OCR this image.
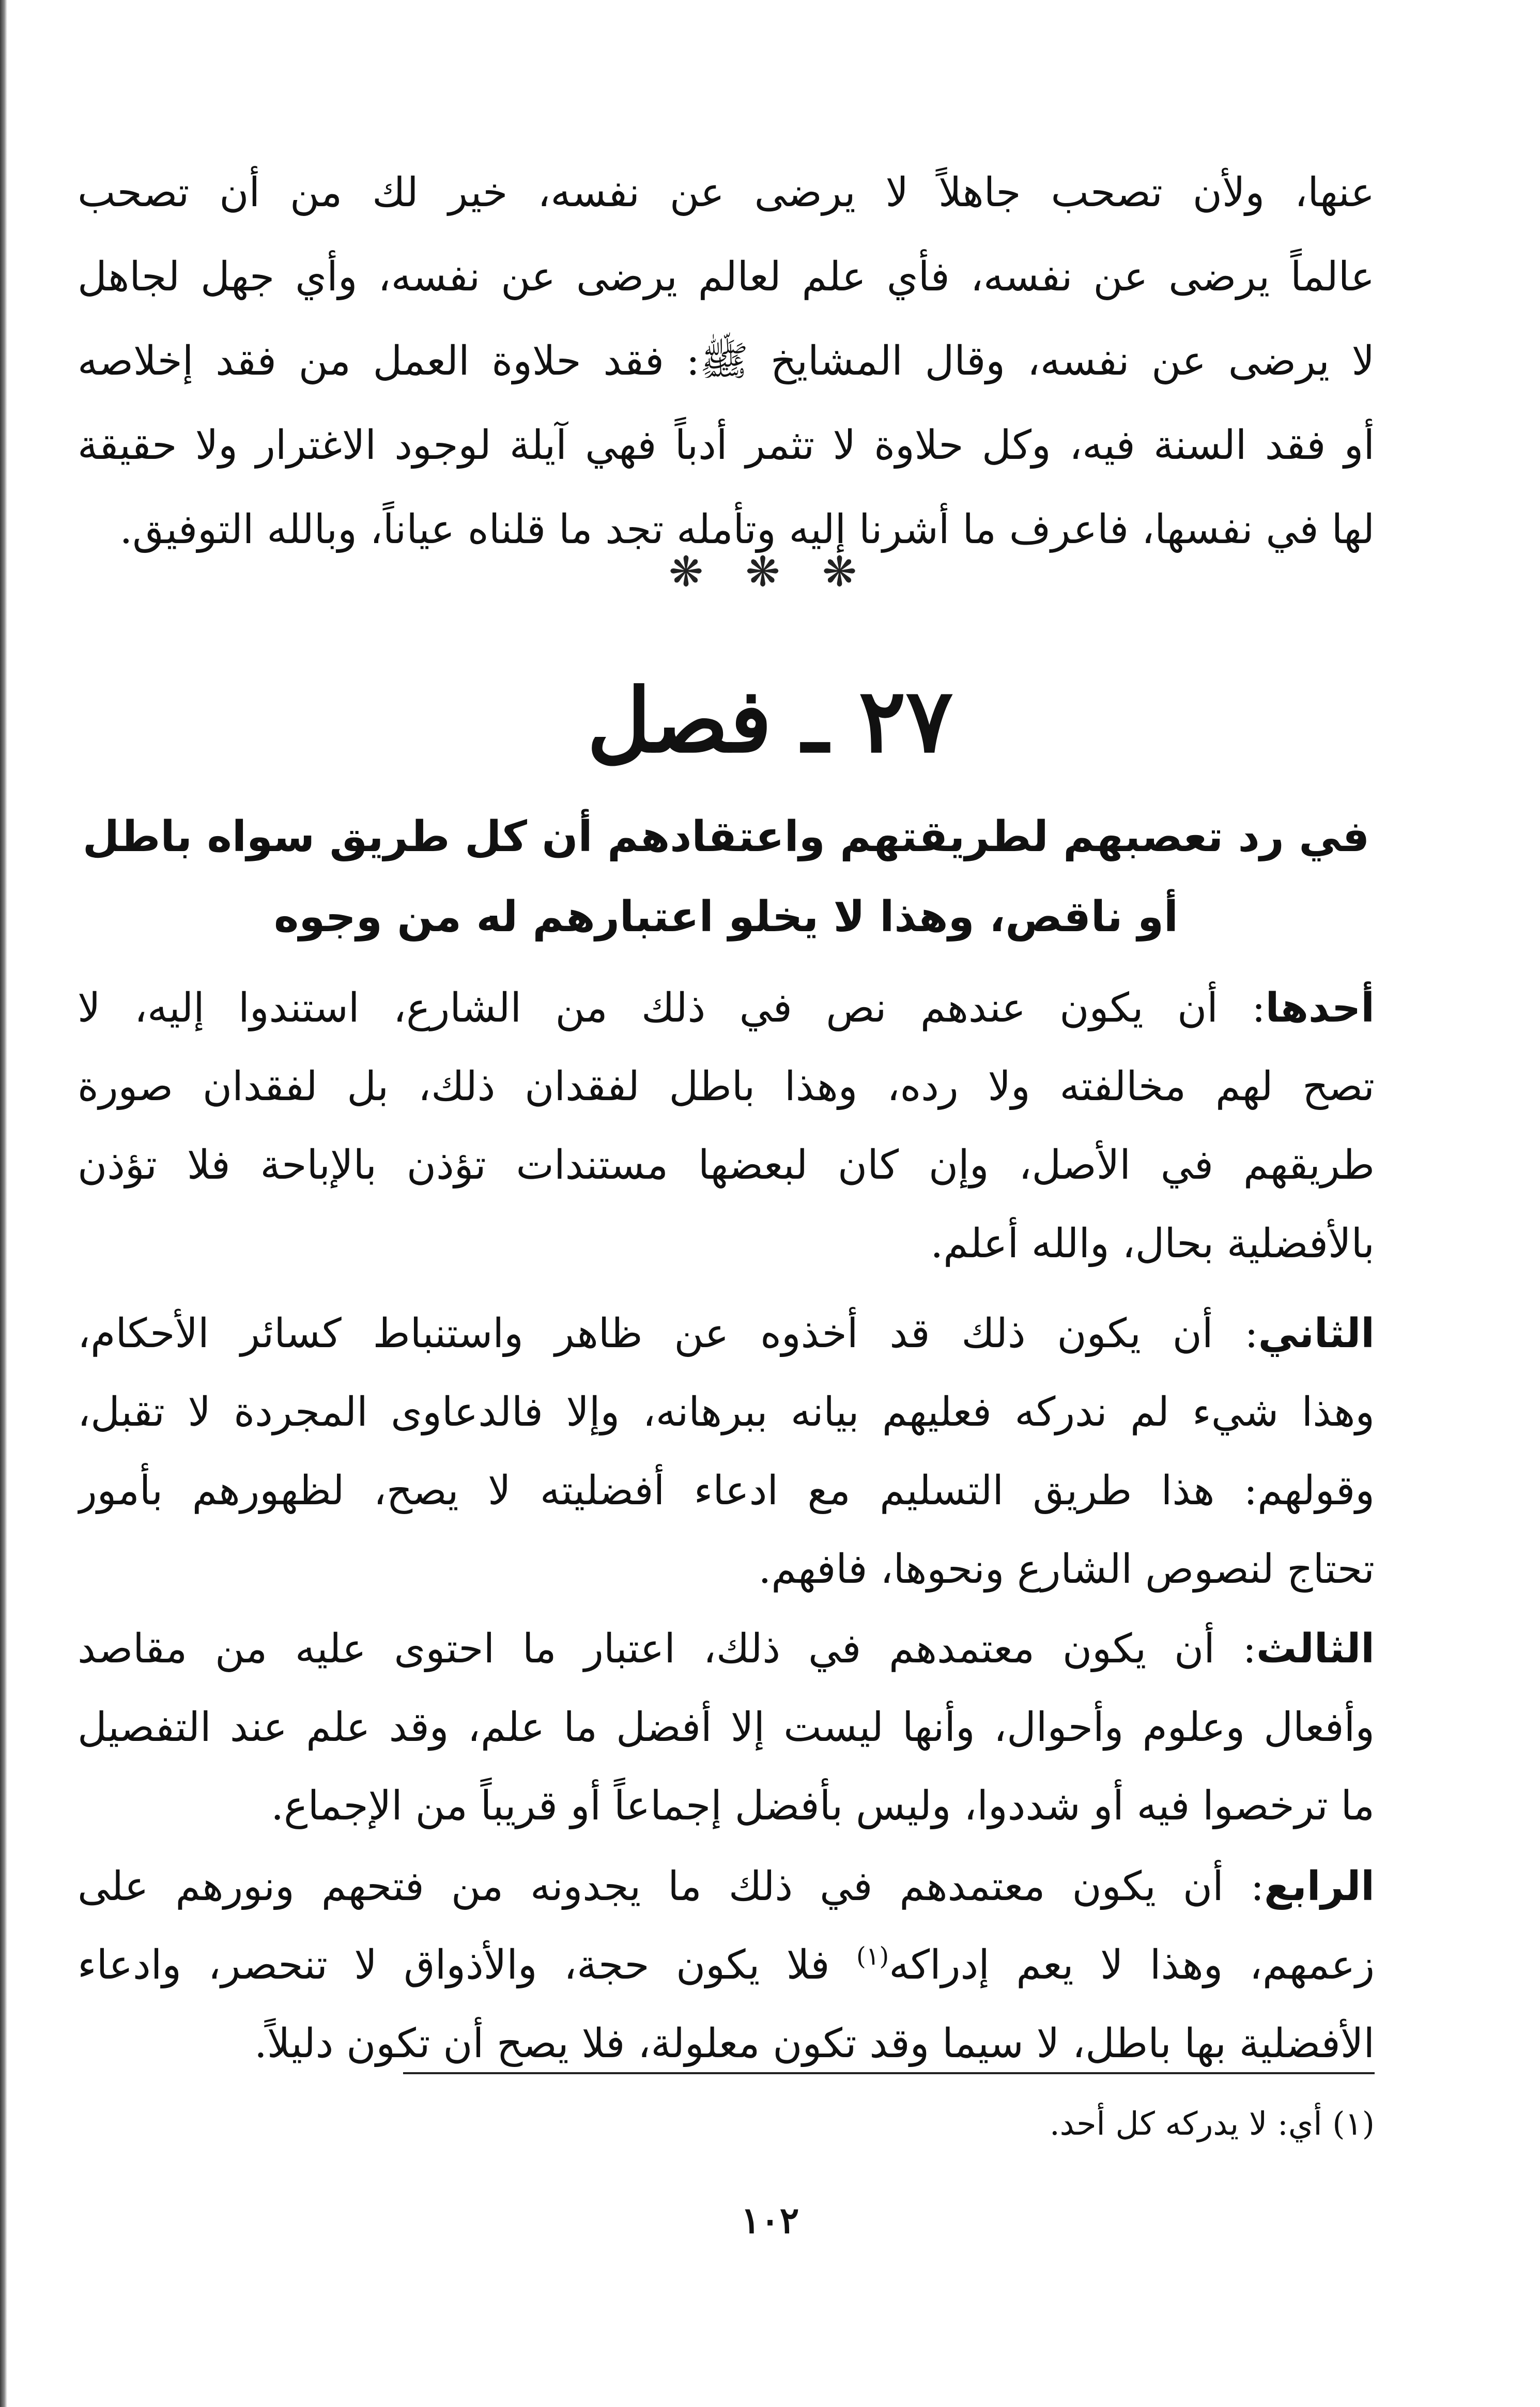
عنها، ولأن تصحب جاهلاً لا يرضى عن نفسه، خير لك من أن تصحب
عالماً يرضى عن نفسه، فأي علم لعالم يرضى عن نفسه، وأي جهل لجاهل
لا يرضى عن نفسه، وقال المشايخ ﷺ: فقد حلاوة العمل من فقد إخلاصه
أو فقد السنة فيه، وكل حلاوة لا تثمر أدباً فهي آيلة لوجود الاغترار ولا حقيقة
لها في نفسها، فاعرف ما أشرنا إليه وتأمله تجد ما قلناه عياناً، وبالله التوفيق.
❋ ❋ ❋
٢٧ ـ فصل
في رد تعصبهم لطريقتهم واعتقادهم أن كل طريق سواه باطل
أو ناقص، وهذا لا يخلو اعتبارهم له من وجوه
أحدها: أن يكون عندهم نص في ذلك من الشارع، استندوا إليه، لا
تصح لهم مخالفته ولا رده، وهذا باطل لفقدان ذلك، بل لفقدان صورة
طريقهم في الأصل، وإن كان لبعضها مستندات تؤذن بالإباحة فلا تؤذن
بالأفضلية بحال، والله أعلم.
الثاني: أن يكون ذلك قد أخذوه عن ظاهر واستنباط كسائر الأحكام،
وهذا شيء لم ندركه فعليهم بيانه ببرهانه، وإلا فالدعاوى المجردة لا تقبل،
وقولهم: هذا طريق التسليم مع ادعاء أفضليته لا يصح، لظهورهم بأمور
تحتاج لنصوص الشارع ونحوها، فافهم.
الثالث: أن يكون معتمدهم في ذلك، اعتبار ما احتوى عليه من مقاصد
وأفعال وعلوم وأحوال، وأنها ليست إلا أفضل ما علم، وقد علم عند التفصيل
ما ترخصوا فيه أو شددوا، وليس بأفضل إجماعاً أو قريباً من الإجماع.
الرابع: أن يكون معتمدهم في ذلك ما يجدونه من فتحهم ونورهم على
زعمهم، وهذا لا يعم إدراكه$^{(١)}$ فلا يكون حجة، والأذواق لا تنحصر، وادعاء
الأفضلية بها باطل، لا سيما وقد تكون معلولة، فلا يصح أن تكون دليلاً.
(١) أي: لا يدركه كل أحد.
١٠٢
